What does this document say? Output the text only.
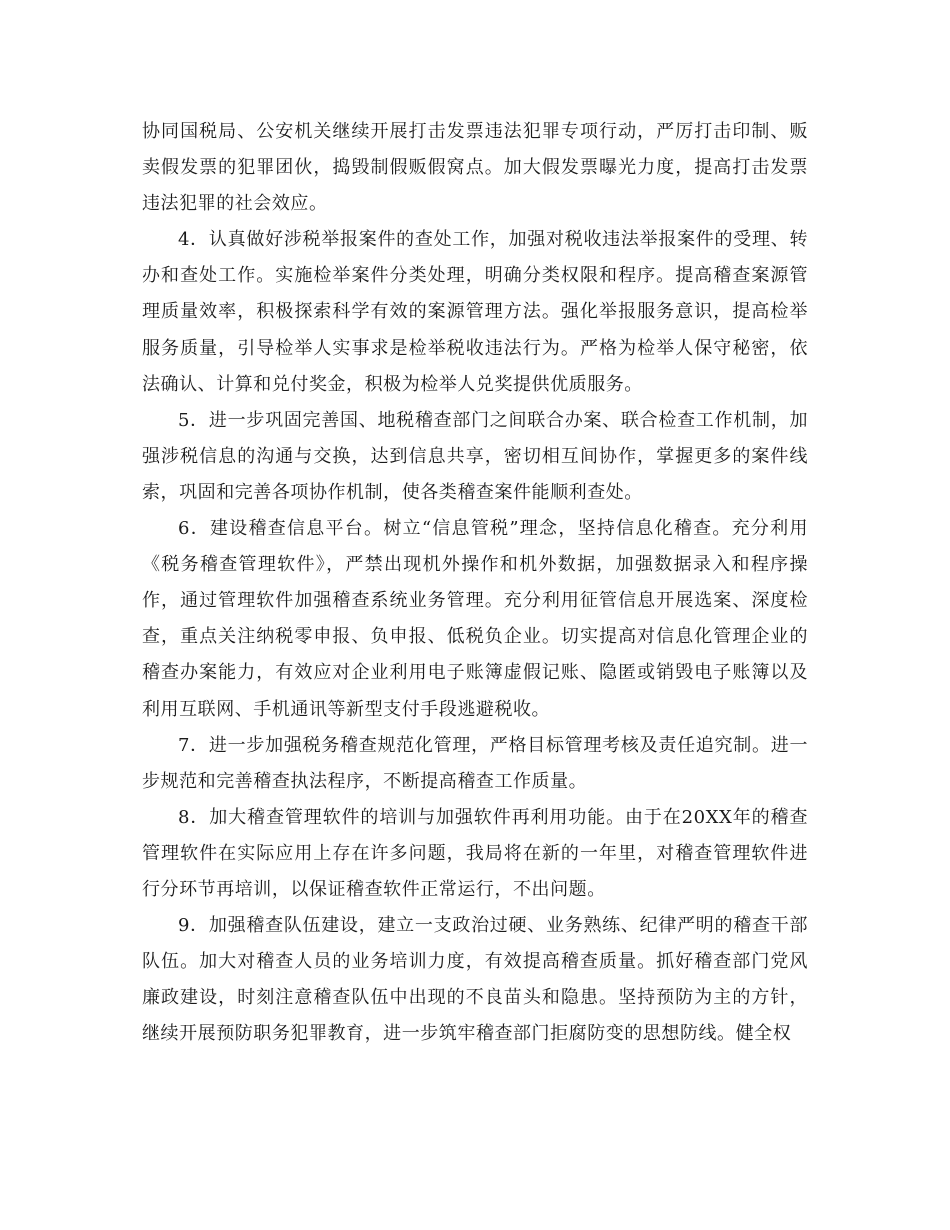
协同国税局、公安机关继续开展打击发票违法犯罪专项行动，严厉打击印制、贩卖假发票的犯罪团伙，捣毁制假贩假窝点。加大假发票曝光力度，提高打击发票违法犯罪的社会效应。

4．认真做好涉税举报案件的查处工作，加强对税收违法举报案件的受理、转办和查处工作。实施检举案件分类处理，明确分类权限和程序。提高稽查案源管理质量效率，积极探索科学有效的案源管理方法。强化举报服务意识，提高检举服务质量，引导检举人实事求是检举税收违法行为。严格为检举人保守秘密，依法确认、计算和兑付奖金，积极为检举人兑奖提供优质服务。

5．进一步巩固完善国、地税稽查部门之间联合办案、联合检查工作机制，加强涉税信息的沟通与交换，达到信息共享，密切相互间协作，掌握更多的案件线索，巩固和完善各项协作机制，使各类稽查案件能顺利查处。

6．建设稽查信息平台。树立“信息管税”理念，坚持信息化稽查。充分利用《税务稽查管理软件》，严禁出现机外操作和机外数据，加强数据录入和程序操作，通过管理软件加强稽查系统业务管理。充分利用征管信息开展选案、深度检查，重点关注纳税零申报、负申报、低税负企业。切实提高对信息化管理企业的稽查办案能力，有效应对企业利用电子账簿虚假记账、隐匿或销毁电子账簿以及利用互联网、手机通讯等新型支付手段逃避税收。

7．进一步加强税务稽查规范化管理，严格目标管理考核及责任追究制。进一步规范和完善稽查执法程序，不断提高稽查工作质量。

8．加大稽查管理软件的培训与加强软件再利用功能。由于在20XX年的稽查管理软件在实际应用上存在许多问题，我局将在新的一年里，对稽查管理软件进行分环节再培训，以保证稽查软件正常运行，不出问题。

9．加强稽查队伍建设，建立一支政治过硬、业务熟练、纪律严明的稽查干部队伍。加大对稽查人员的业务培训力度，有效提高稽查质量。抓好稽查部门党风廉政建设，时刻注意稽查队伍中出现的不良苗头和隐患。坚持预防为主的方针，继续开展预防职务犯罪教育，进一步筑牢稽查部门拒腐防变的思想防线。健全权
